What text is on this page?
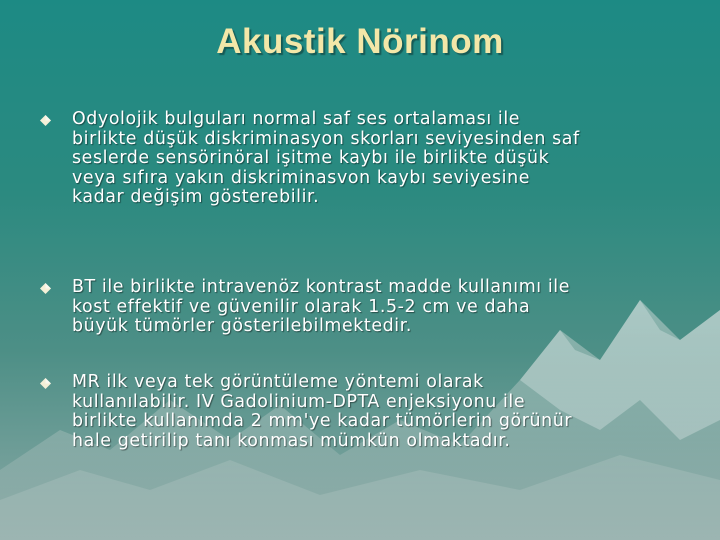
Akustik Nörinom
Odyolojik bulguları normal saf ses ortalaması ile
birlikte düşük diskriminasyon skorları seviyesinden saf
seslerde sensörinöral işitme kaybı ile birlikte düşük
veya sıfıra yakın diskriminasvon kaybı seviyesine
kadar değişim gösterebilir.
BT ile birlikte intravenöz kontrast madde kullanımı ile
kost effektif ve güvenilir olarak 1.5-2 cm ve daha
büyük tümörler gösterilebilmektedir.
MR ilk veya tek görüntüleme yöntemi olarak
kullanılabilir. IV Gadolinium-DPTA enjeksiyonu ile
birlikte kullanımda 2 mm'ye kadar tümörlerin görünür
hale getirilip tanı konması mümkün olmaktadır.
